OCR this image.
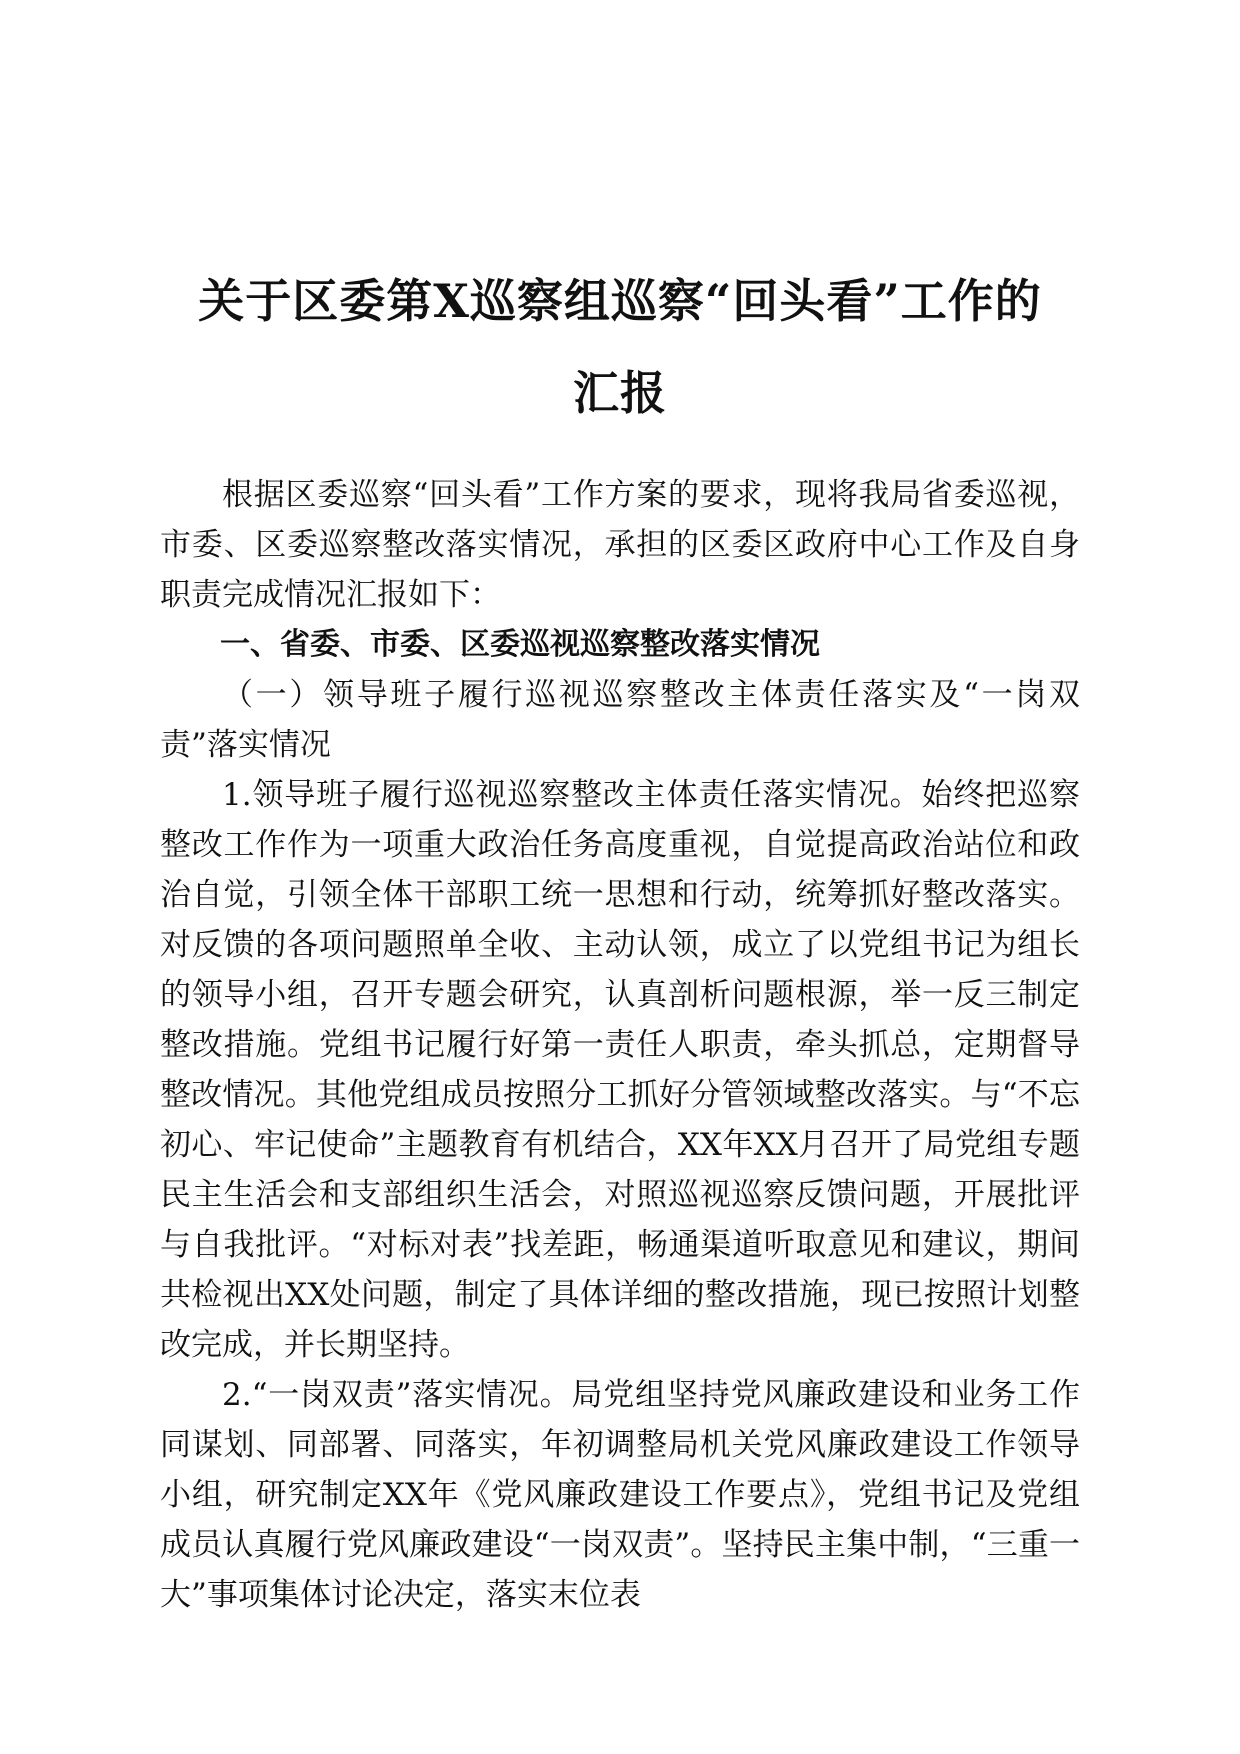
关于区委第X巡察组巡察“回头看”工作的
汇报

根据区委巡察“回头看”工作方案的要求，现将我局省委巡视，市委、区委巡察整改落实情况，承担的区委区政府中心工作及自身职责完成情况汇报如下：

一、省委、市委、区委巡视巡察整改落实情况

（一）领导班子履行巡视巡察整改主体责任落实及“一岗双责”落实情况

1.领导班子履行巡视巡察整改主体责任落实情况。始终把巡察整改工作作为一项重大政治任务高度重视，自觉提高政治站位和政治自觉，引领全体干部职工统一思想和行动，统筹抓好整改落实。对反馈的各项问题照单全收、主动认领，成立了以党组书记为组长的领导小组，召开专题会研究，认真剖析问题根源，举一反三制定整改措施。党组书记履行好第一责任人职责，牵头抓总，定期督导整改情况。其他党组成员按照分工抓好分管领域整改落实。与“不忘初心、牢记使命”主题教育有机结合，XX年XX月召开了局党组专题民主生活会和支部组织生活会，对照巡视巡察反馈问题，开展批评与自我批评。“对标对表”找差距，畅通渠道听取意见和建议，期间共检视出XX处问题，制定了具体详细的整改措施，现已按照计划整改完成，并长期坚持。

2.“一岗双责”落实情况。局党组坚持党风廉政建设和业务工作同谋划、同部署、同落实，年初调整局机关党风廉政建设工作领导小组，研究制定XX年《党风廉政建设工作要点》，党组书记及党组成员认真履行党风廉政建设“一岗双责”。坚持民主集中制，“三重一大”事项集体讨论决定，落实末位表
